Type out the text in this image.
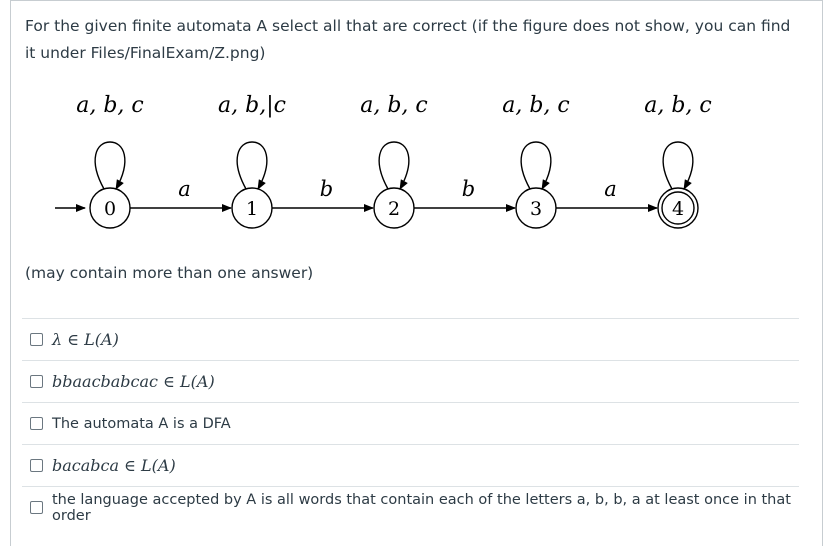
For the given finite automata A select all that are correct (if the figure does not show, you can find it under Files/FinalExam/Z.png)
0	1	2	3	4
a, b, c	a, b,|c	a, b, c	a, b, c	a, b, c
a	b	b	a
(may contain more than one answer)
λ ∈ L(A)
bbaacbabcac ∈ L(A)
The automata A is a DFA
bacabca ∈ L(A)
the language accepted by A is all words that contain each of the letters a, b, b, a at least once in that order
